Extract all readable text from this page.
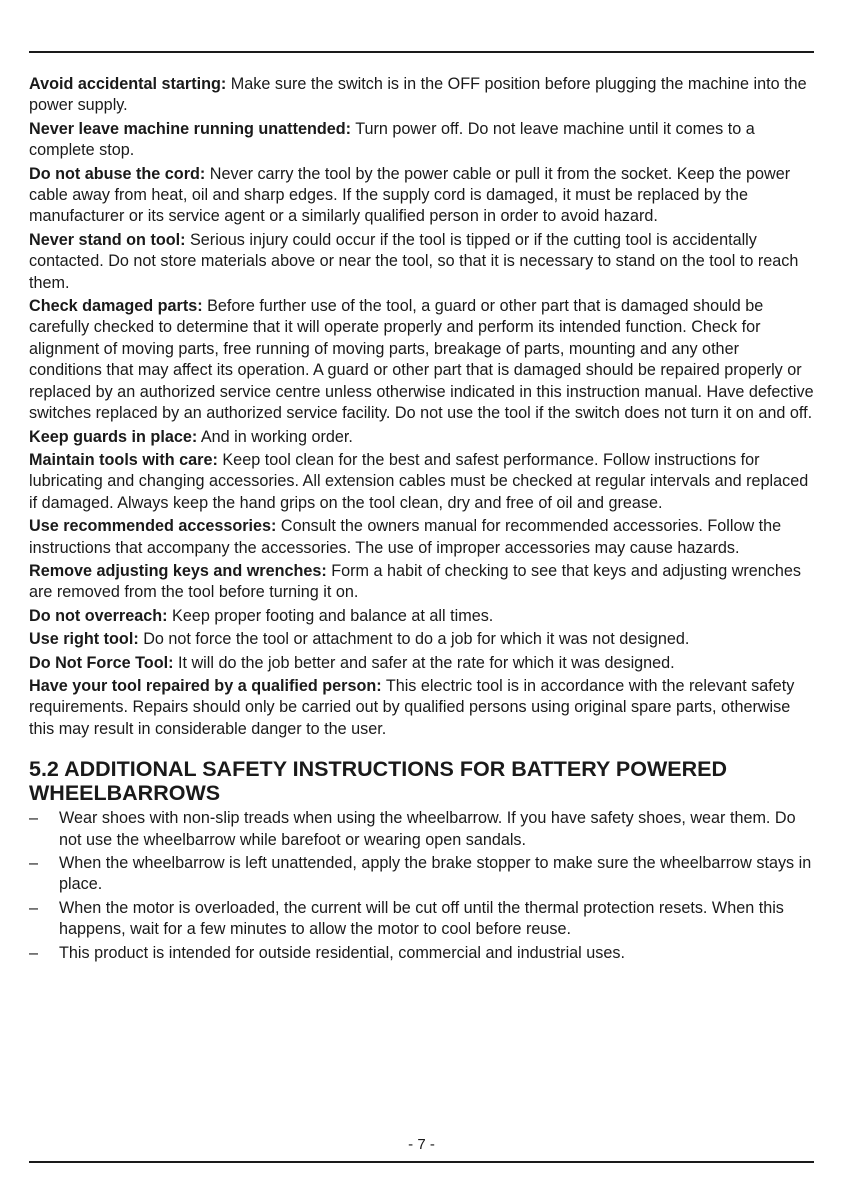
Avoid accidental starting: Make sure the switch is in the OFF position before plugging the machine into the power supply.

Never leave machine running unattended: Turn power off. Do not leave machine until it comes to a complete stop.

Do not abuse the cord: Never carry the tool by the power cable or pull it from the socket. Keep the power cable away from heat, oil and sharp edges. If the supply cord is damaged, it must be replaced by the manufacturer or its service agent or a similarly qualified person in order to avoid hazard.

Never stand on tool: Serious injury could occur if the tool is tipped or if the cutting tool is accidentally contacted. Do not store materials above or near the tool, so that it is necessary to stand on the tool to reach them.

Check damaged parts: Before further use of the tool, a guard or other part that is damaged should be carefully checked to determine that it will operate properly and perform its intended function. Check for alignment of moving parts, free running of moving parts, breakage of parts, mounting and any other conditions that may affect its operation. A guard or other part that is damaged should be repaired properly or replaced by an authorized service centre unless otherwise indicated in this instruction manual. Have defective switches replaced by an authorized service facility. Do not use the tool if the switch does not turn it on and off.

Keep guards in place: And in working order.

Maintain tools with care: Keep tool clean for the best and safest performance. Follow instructions for lubricating and changing accessories. All extension cables must be checked at regular intervals and replaced if damaged. Always keep the hand grips on the tool clean, dry and free of oil and grease.

Use recommended accessories: Consult the owners manual for recommended accessories. Follow the instructions that accompany the accessories. The use of improper accessories may cause hazards.

Remove adjusting keys and wrenches: Form a habit of checking to see that keys and adjusting wrenches are removed from the tool before turning it on.

Do not overreach: Keep proper footing and balance at all times.

Use right tool: Do not force the tool or attachment to do a job for which it was not designed.

Do Not Force Tool: It will do the job better and safer at the rate for which it was designed.

Have your tool repaired by a qualified person: This electric tool is in accordance with the relevant safety requirements. Repairs should only be carried out by qualified persons using original spare parts, otherwise this may result in considerable danger to the user.

5.2 ADDITIONAL SAFETY INSTRUCTIONS FOR BATTERY POWERED WHEELBARROWS
– Wear shoes with non-slip treads when using the wheelbarrow. If you have safety shoes, wear them. Do not use the wheelbarrow while barefoot or wearing open sandals.
– When the wheelbarrow is left unattended, apply the brake stopper to make sure the wheelbarrow stays in place.
– When the motor is overloaded, the current will be cut off until the thermal protection resets. When this happens, wait for a few minutes to allow the motor to cool before reuse.
– This product is intended for outside residential, commercial and industrial uses.
- 7 -
